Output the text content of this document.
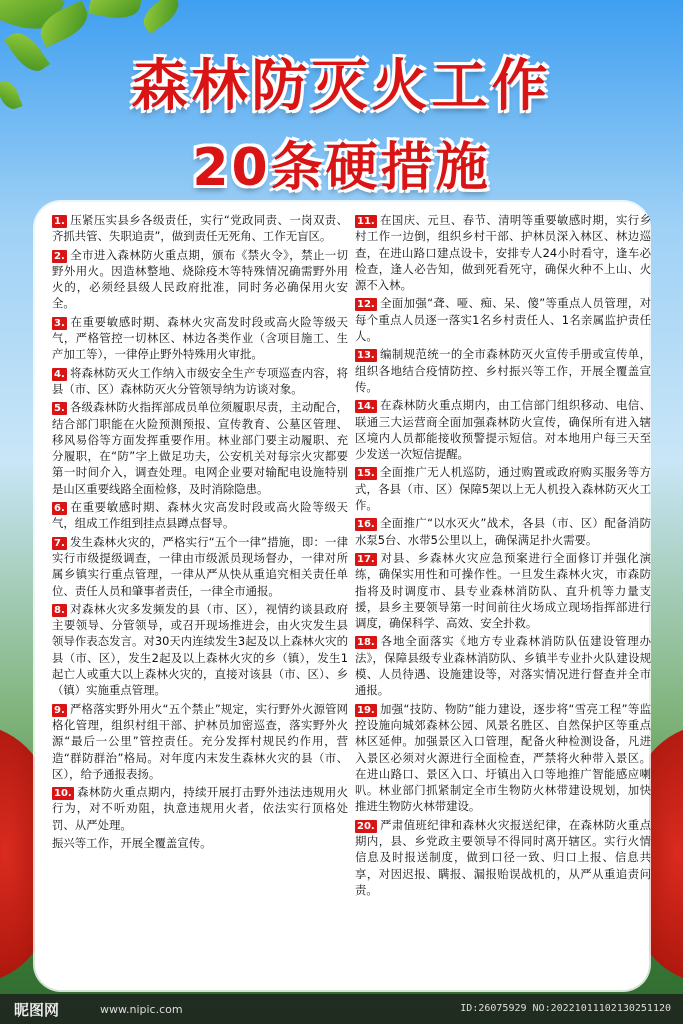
森林防灭火工作
20条硬措施

1. 压紧压实县乡各级责任，实行“党政同责、一岗双责、齐抓共管、失职追责”，做到责任无死角、工作无盲区。

2. 全市进入森林防火重点期，颁布《禁火令》，禁止一切野外用火。因造林整地、烧除疫木等特殊情况确需野外用火的，必须经县级人民政府批准，同时务必确保用火安全。

3. 在重要敏感时期、森林火灾高发时段或高火险等级天气，严格管控一切林区、林边各类作业（含项目施工、生产加工等），一律停止野外特殊用火审批。

4. 将森林防灭火工作纳入市级安全生产专项巡查内容，将县（市、区）森林防灭火分管领导纳为访谈对象。

5. 各级森林防火指挥部成员单位须履职尽责，主动配合，结合部门职能在火险预测预报、宣传教育、公墓区管理、移风易俗等方面发挥重要作用。林业部门要主动履职、充分履职，在“防”字上做足功夫，公安机关对每宗火灾都要第一时间介入，调查处理。电网企业要对输配电设施特别是山区重要线路全面检修，及时消除隐患。

6. 在重要敏感时期、森林火灾高发时段或高火险等级天气，组成工作组到挂点县蹲点督导。

7. 发生森林火灾的，严格实行“五个一律”措施，即：一律实行市级提级调查，一律由市级派员现场督办，一律对所属乡镇实行重点管理，一律从严从快从重追究相关责任单位、责任人员和肇事者责任，一律全市通报。

8. 对森林火灾多发频发的县（市、区），视情约谈县政府主要领导、分管领导，或召开现场推进会，由火灾发生县领导作表态发言。对30天内连续发生3起及以上森林火灾的县（市、区），发生2起及以上森林火灾的乡（镇），发生1起亡人或重大以上森林火灾的，直接对该县（市、区）、乡（镇）实施重点管理。

9. 严格落实野外用火“五个禁止”规定，实行野外火源管网格化管理，组织村组干部、护林员加密巡查，落实野外火源“最后一公里”管控责任。充分发挥村规民约作用，营造“群防群治”格局。对年度内末发生森林火灾的县（市、区），给予通报表扬。

10. 森林防火重点期内，持续开展打击野外违法违规用火行为，对不听劝阻，执意违规用火者，依法实行顶格处罚、从严处理。

振兴等工作，开展全覆盖宣传。

11. 在国庆、元旦、春节、清明等重要敏感时期，实行乡村工作一边倒，组织乡村干部、护林员深入林区、林边巡查，在进山路口建点设卡，安排专人24小时看守，逢车必检查，逢人必告知，做到死看死守，确保火种不上山、火源不入林。

12. 全面加强“聋、哑、痴、呆、傻”等重点人员管理，对每个重点人员逐一落实1名乡村责任人、1名亲属监护责任人。

13. 编制规范统一的全市森林防灭火宣传手册或宣传单，组织各地结合疫情防控、乡村振兴等工作，开展全覆盖宣传。

14. 在森林防火重点期内，由工信部门组织移动、电信、联通三大运营商全面加强森林防火宣传，确保所有进入辖区境内人员都能接收预警提示短信。对本地用户每三天至少发送一次短信提醒。

15. 全面推广无人机巡防，通过购置或政府购买服务等方式，各县（市、区）保障5架以上无人机投入森林防灭火工作。

16. 全面推广“以水灭火”战术，各县（市、区）配备消防水泵5台、水带5公里以上，确保满足扑火需要。

17. 对县、乡森林火灾应急预案进行全面修订并强化演练，确保实用性和可操作性。一旦发生森林火灾，市森防指将及时调度市、县专业森林消防队、直升机等力量支援，县乡主要领导第一时间前往火场成立现场指挥部进行调度，确保科学、高效、安全扑救。

18. 各地全面落实《地方专业森林消防队伍建设管理办法》，保障县级专业森林消防队、乡镇半专业扑火队建设规模、人员待遇、设施建设等，对落实情况进行督查并全市通报。

19. 加强“技防、物防”能力建设，逐步将“雪亮工程”等监控设施向城郊森林公园、风景名胜区、自然保护区等重点林区延伸。加强景区入口管理，配备火种检测设备，凡进入景区必须对火源进行全面检查，严禁将火种带入景区。在进山路口、景区入口、圩镇出入口等地推广智能感应喇叭。林业部门抓紧制定全市生物防火林带建设规划，加快推进生物防火林带建设。

20. 严肃值班纪律和森林火灾报送纪律，在森林防火重点期内，县、乡党政主要领导不得同时离开辖区。实行火情信息及时报送制度，做到口径一致、归口上报、信息共享，对因迟报、瞒报、漏报贻误战机的，从严从重追责问责。

昵图网	www.nipic.com	ID:26075929 NO:20221011102130251120
